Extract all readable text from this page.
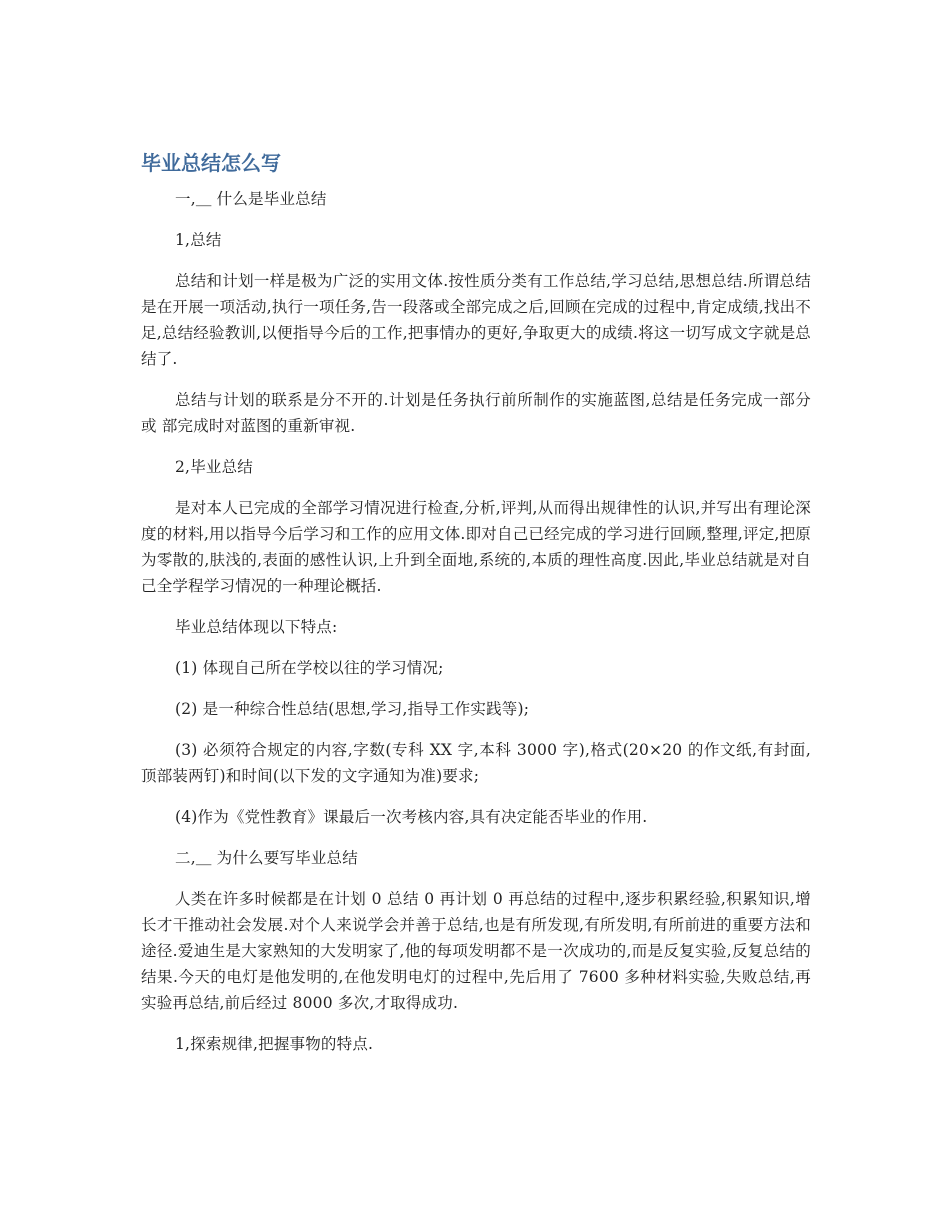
毕业总结怎么写

一,＿ 什么是毕业总结

1,总结

总结和计划一样是极为广泛的实用文体.按性质分类有工作总结,学习总结,思想总结.所谓总结是在开展一项活动,执行一项任务,告一段落或全部完成之后,回顾在完成的过程中,肯定成绩,找出不足,总结经验教训,以便指导今后的工作,把事情办的更好,争取更大的成绩.将这一切写成文字就是总结了.

总结与计划的联系是分不开的.计划是任务执行前所制作的实施蓝图,总结是任务完成一部分或 部完成时对蓝图的重新审视.

2,毕业总结

是对本人已完成的全部学习情况进行检查,分析,评判,从而得出规律性的认识,并写出有理论深度的材料,用以指导今后学习和工作的应用文体.即对自己已经完成的学习进行回顾,整理,评定,把原为零散的,肤浅的,表面的感性认识,上升到全面地,系统的,本质的理性高度.因此,毕业总结就是对自己全学程学习情况的一种理论概括.

毕业总结体现以下特点:

(1) 体现自己所在学校以往的学习情况;

(2) 是一种综合性总结(思想,学习,指导工作实践等);

(3) 必须符合规定的内容,字数(专科 XX 字,本科 3000 字),格式(20×20 的作文纸,有封面,顶部装两钉)和时间(以下发的文字通知为准)要求;

(4)作为《党性教育》课最后一次考核内容,具有决定能否毕业的作用.

二,＿ 为什么要写毕业总结

人类在许多时候都是在计划 0 总结 0 再计划 0 再总结的过程中,逐步积累经验,积累知识,增长才干推动社会发展.对个人来说学会并善于总结,也是有所发现,有所发明,有所前进的重要方法和途径.爱迪生是大家熟知的大发明家了,他的每项发明都不是一次成功的,而是反复实验,反复总结的结果.今天的电灯是他发明的,在他发明电灯的过程中,先后用了 7600 多种材料实验,失败总结,再实验再总结,前后经过 8000 多次,才取得成功.

1,探索规律,把握事物的特点.
